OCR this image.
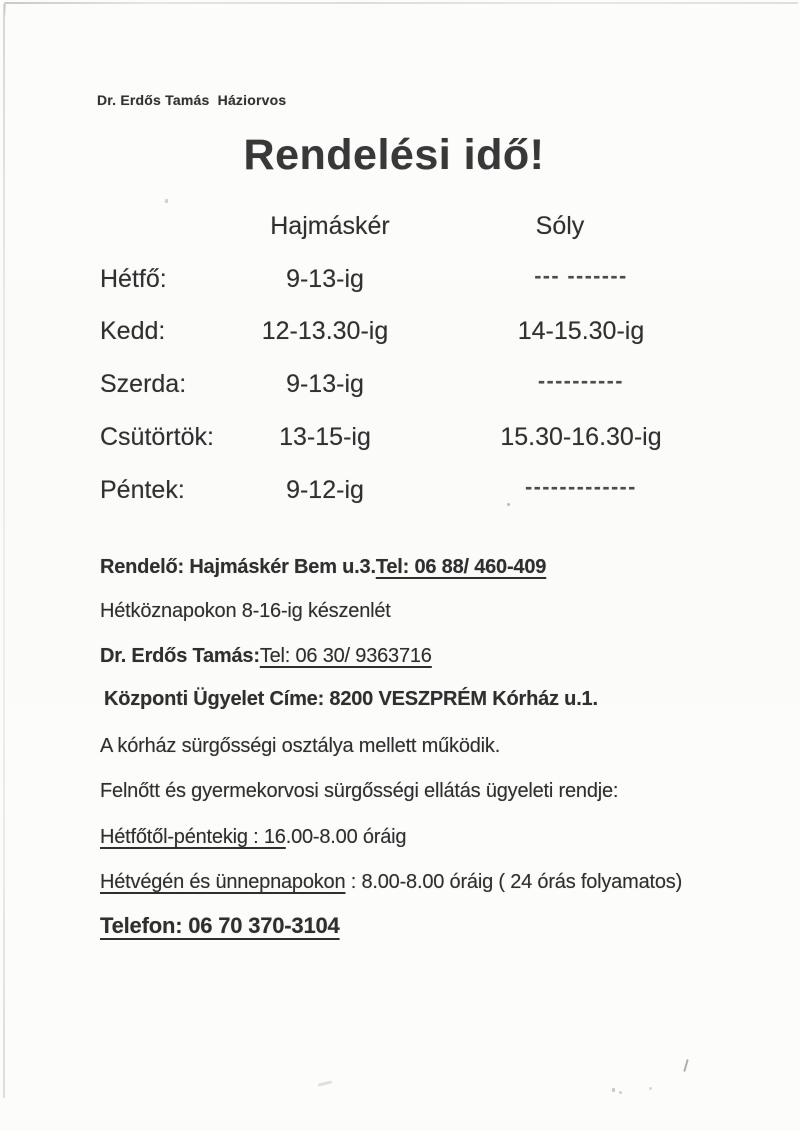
Dr. Erdős Tamás  Háziorvos
Rendelési idő!
Hajmáskér	Sóly
Hétfő:	9-13-ig	--- -------
Kedd:	12-13.30-ig	14-15.30-ig
Szerda:	9-13-ig	----------
Csütörtök:	13-15-ig	15.30-16.30-ig
Péntek:	9-12-ig	-------------
Rendelő: Hajmáskér Bem u.3.Tel: 06 88/ 460-409
Hétköznapokon 8-16-ig készenlét
Dr. Erdős Tamás:Tel: 06 30/ 9363716
Központi Ügyelet Címe: 8200 VESZPRÉM Kórház u.1.
A kórház sürgősségi osztálya mellett működik.
Felnőtt és gyermekorvosi sürgősségi ellátás ügyeleti rendje:
Hétfőtől-péntekig : 16.00-8.00 óráig
Hétvégén és ünnepnapokon : 8.00-8.00 óráig ( 24 órás folyamatos)
Telefon: 06 70 370-3104
